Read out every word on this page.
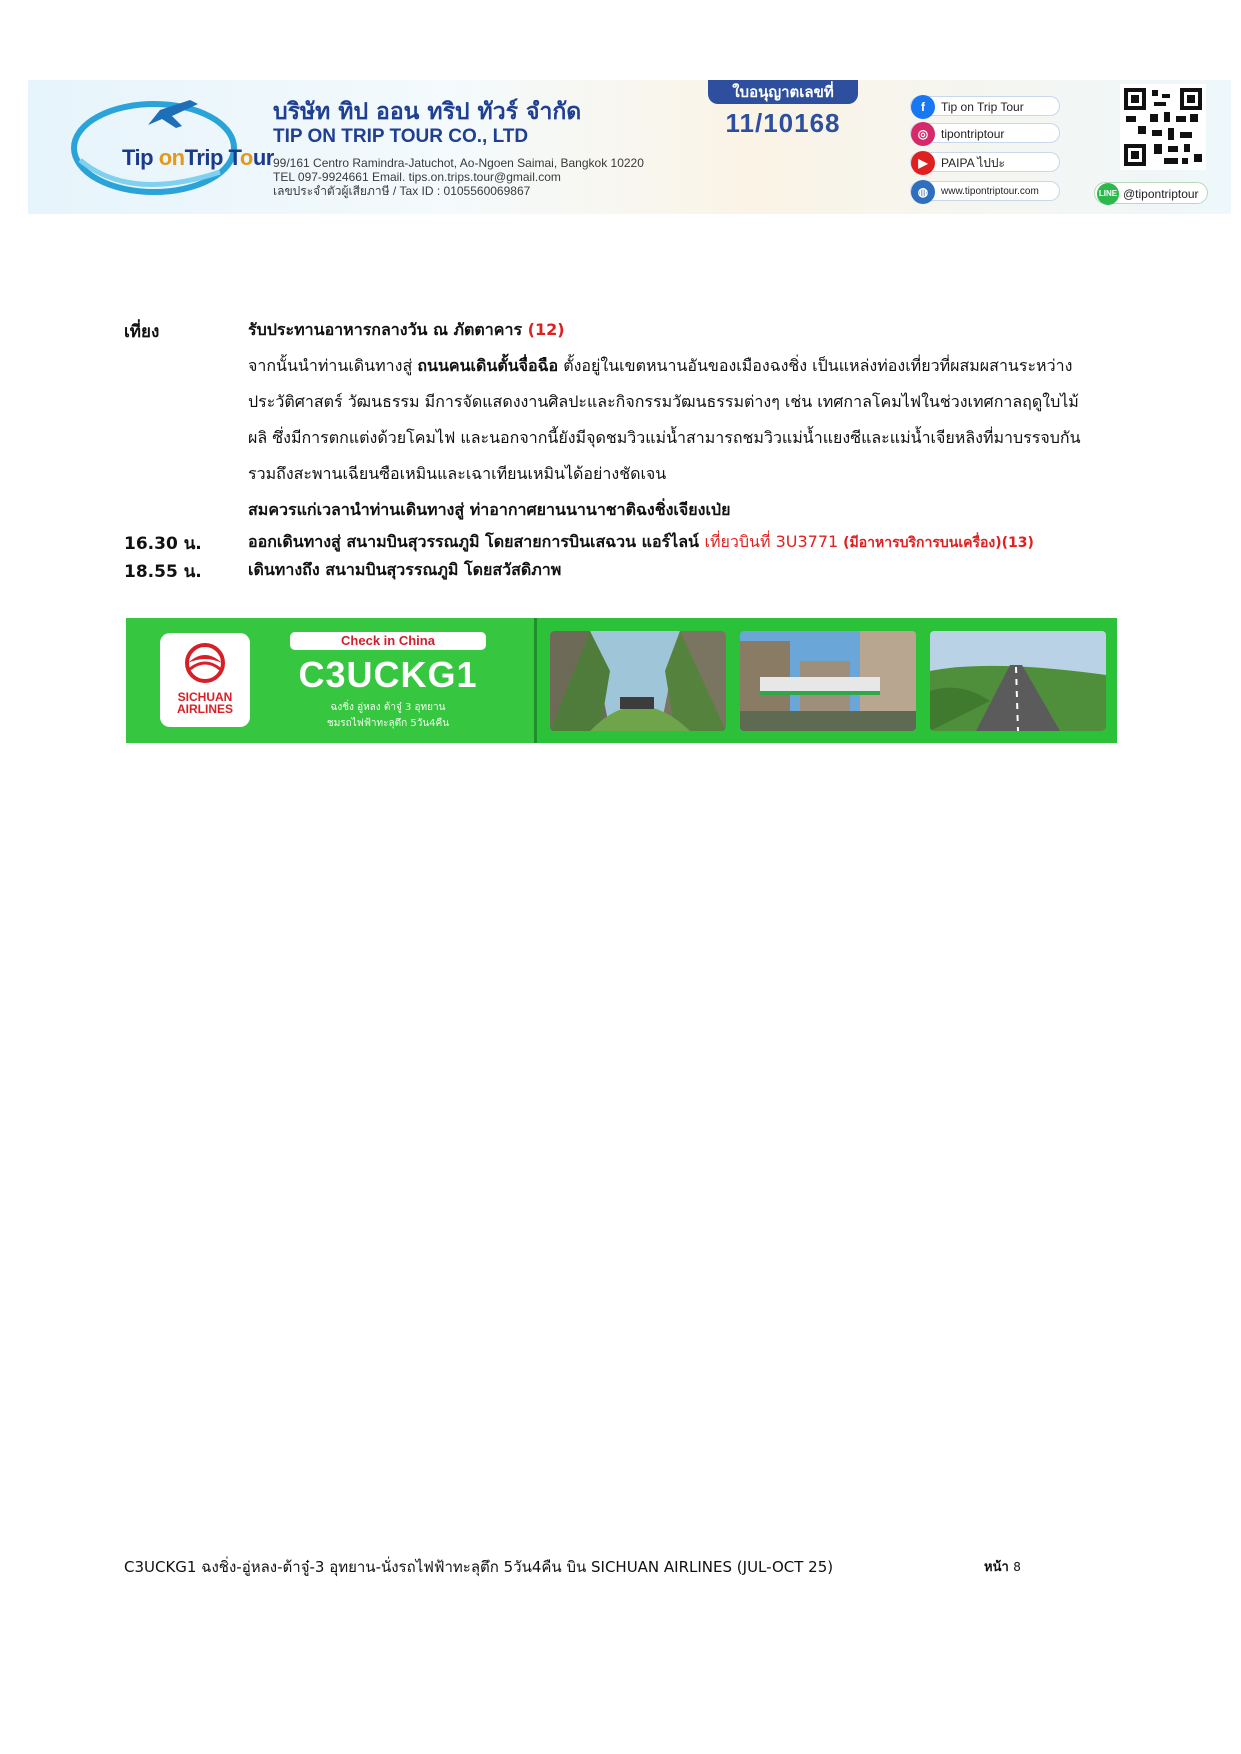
Tip onTrip Tour
บริษัท ทิป ออน ทริป ทัวร์ จำกัด
TIP ON TRIP TOUR CO., LTD
99/161 Centro Ramindra-Jatuchot, Ao-Ngoen Saimai, Bangkok 10220
TEL 097-9924661 Email. tips.on.trips.tour@gmail.com
เลขประจำตัวผู้เสียภาษี / Tax ID : 0105560069867
ใบอนุญาตเลขที่
11/10168
f	Tip on Trip Tour
◎	tipontriptour
▶	PAIPA ไปปะ
◍	www.tipontriptour.com	LINE @tipontriptour
เที่ยง	รับประทานอาหารกลางวัน ณ ภัตตาคาร (12)
จากนั้นนำท่านเดินทางสู่ ถนนคนเดินตั้นจื่อฉือ ตั้งอยู่ในเขตหนานอันของเมืองฉงชิ่ง เป็นแหล่งท่องเที่ยวที่ผสมผสานระหว่าง
ประวัติศาสตร์ วัฒนธรรม มีการจัดแสดงงานศิลปะและกิจกรรมวัฒนธรรมต่างๆ เช่น เทศกาลโคมไฟในช่วงเทศกาลฤดูใบไม้
ผลิ ซึ่งมีการตกแต่งด้วยโคมไฟ และนอกจากนี้ยังมีจุดชมวิวแม่น้ำสามารถชมวิวแม่น้ำแยงซีและแม่น้ำเจียหลิงที่มาบรรจบกัน
รวมถึงสะพานเฉียนซือเหมินและเฉาเทียนเหมินได้อย่างชัดเจน
สมควรแก่เวลานำท่านเดินทางสู่ ท่าอากาศยานนานาชาติฉงชิ่งเจียงเป่ย
16.30 น.	ออกเดินทางสู่ สนามบินสุวรรณภูมิ โดยสายการบินเสฉวน แอร์ไลน์ เที่ยวบินที่ 3U3771 (มีอาหารบริการบนเครื่อง)(13)
18.55 น.	เดินทางถึง สนามบินสุวรรณภูมิ โดยสวัสดิภาพ
SICHUAN
AIRLINES
Check in China
C3UCKG1
ฉงชิ่ง อู่หลง ต้าจู๋ 3 อุทยาน
ชมรถไฟฟ้าทะลุตึก 5วัน4คืน
C3UCKG1 ฉงชิ่ง-อู่หลง-ต้าจู๋-3 อุทยาน-นั่งรถไฟฟ้าทะลุตึก 5วัน4คืน บิน SICHUAN AIRLINES (JUL-OCT 25)	หน้า 8
